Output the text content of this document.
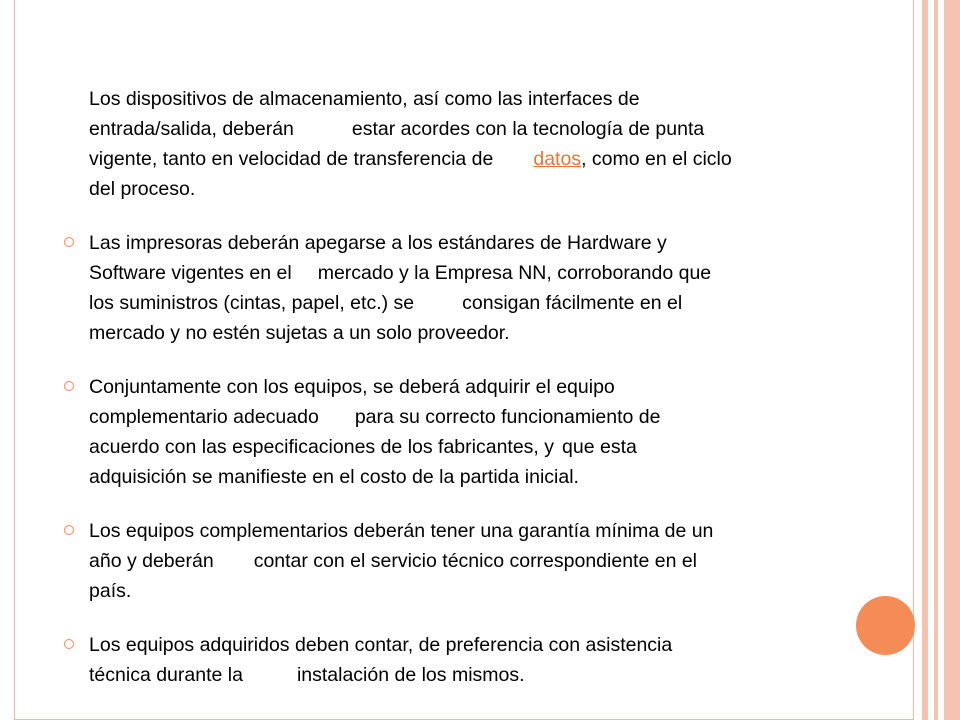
Los dispositivos de almacenamiento, así como las interfaces de
entrada/salida, deberán	estar acordes con la tecnología de punta
vigente, tanto en velocidad de transferencia de datos, como en el ciclo
del proceso.
Las impresoras deberán apegarse a los estándares de Hardware y
Software vigentes en el mercado y la Empresa NN, corroborando que
los suministros (cintas, papel, etc.) se consigan fácilmente en el
mercado y no estén sujetas a un solo proveedor.
Conjuntamente con los equipos, se deberá adquirir el equipo
complementario adecuado para su correcto funcionamiento de
acuerdo con las especificaciones de los fabricantes, y que esta
adquisición se manifieste en el costo de la partida inicial.
Los equipos complementarios deberán tener una garantía mínima de un
año y deberán contar con el servicio técnico correspondiente en el
país.
Los equipos adquiridos deben contar, de preferencia con asistencia
técnica durante la	instalación de los mismos.
